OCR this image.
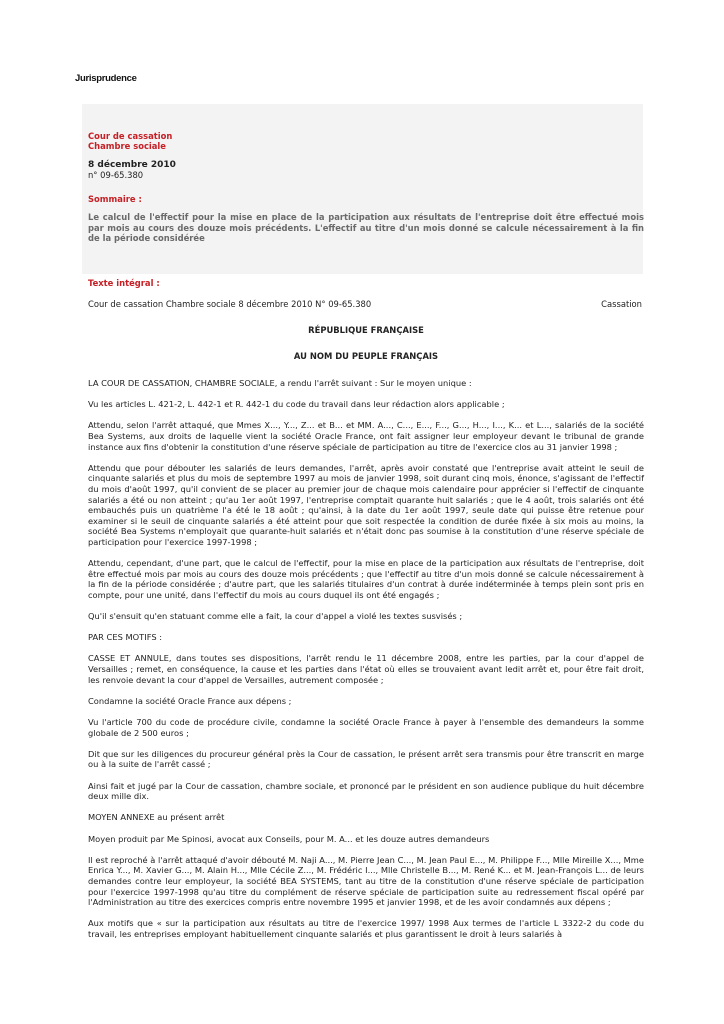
Jurisprudence
Cour de cassation
Chambre sociale
8 décembre 2010
n° 09-65.380
Sommaire :
Le calcul de l'effectif pour la mise en place de la participation aux résultats de l'entreprise doit être effectué mois par mois au cours des douze mois précédents. L'effectif au titre d'un mois donné se calcule nécessairement à la fin de la période considérée
Texte intégral :
Cour de cassation Chambre sociale 8 décembre 2010 N° 09-65.380	Cassation
RÉPUBLIQUE FRANÇAISE
AU NOM DU PEUPLE FRANÇAIS

LA COUR DE CASSATION, CHAMBRE SOCIALE, a rendu l'arrêt suivant : Sur le moyen unique :

Vu les articles L. 421-2, L. 442-1 et R. 442-1 du code du travail dans leur rédaction alors applicable ;

Attendu, selon l'arrêt attaqué, que Mmes X..., Y..., Z... et B... et MM. A..., C..., E..., F..., G..., H..., I..., K... et L..., salariés de la société Bea Systems, aux droits de laquelle vient la société Oracle France, ont fait assigner leur employeur devant le tribunal de grande instance aux fins d'obtenir la constitution d'une réserve spéciale de participation au titre de l'exercice clos au 31 janvier 1998 ;

Attendu que pour débouter les salariés de leurs demandes, l'arrêt, après avoir constaté que l'entreprise avait atteint le seuil de cinquante salariés et plus du mois de septembre 1997 au mois de janvier 1998, soit durant cinq mois, énonce, s'agissant de l'effectif du mois d'août 1997, qu'il convient de se placer au premier jour de chaque mois calendaire pour apprécier si l'effectif de cinquante salariés a été ou non atteint ; qu'au 1er août 1997, l'entreprise comptait quarante huit salariés ; que le 4 août, trois salariés ont été embauchés puis un quatrième l'a été le 18 août ; qu'ainsi, à la date du 1er août 1997, seule date qui puisse être retenue pour examiner si le seuil de cinquante salariés a été atteint pour que soit respectée la condition de durée fixée à six mois au moins, la société Bea Systems n'employait que quarante-huit salariés et n'était donc pas soumise à la constitution d'une réserve spéciale de participation pour l'exercice 1997-1998 ;

Attendu, cependant, d'une part, que le calcul de l'effectif, pour la mise en place de la participation aux résultats de l'entreprise, doit être effectué mois par mois au cours des douze mois précédents ; que l'effectif au titre d'un mois donné se calcule nécessairement à la fin de la période considérée ; d'autre part, que les salariés titulaires d'un contrat à durée indéterminée à temps plein sont pris en compte, pour une unité, dans l'effectif du mois au cours duquel ils ont été engagés ;

Qu'il s'ensuit qu'en statuant comme elle a fait, la cour d'appel a violé les textes susvisés ;

PAR CES MOTIFS :

CASSE ET ANNULE, dans toutes ses dispositions, l'arrêt rendu le 11 décembre 2008, entre les parties, par la cour d'appel de Versailles ; remet, en conséquence, la cause et les parties dans l'état où elles se trouvaient avant ledit arrêt et, pour être fait droit, les renvoie devant la cour d'appel de Versailles, autrement composée ;

Condamne la société Oracle France aux dépens ;

Vu l'article 700 du code de procédure civile, condamne la société Oracle France à payer à l'ensemble des demandeurs la somme globale de 2 500 euros ;

Dit que sur les diligences du procureur général près la Cour de cassation, le présent arrêt sera transmis pour être transcrit en marge ou à la suite de l'arrêt cassé ;

Ainsi fait et jugé par la Cour de cassation, chambre sociale, et prononcé par le président en son audience publique du huit décembre deux mille dix.

MOYEN ANNEXE au présent arrêt

Moyen produit par Me Spinosi, avocat aux Conseils, pour M. A... et les douze autres demandeurs

Il est reproché à l'arrêt attaqué d'avoir débouté M. Naji A..., M. Pierre Jean C..., M. Jean Paul E..., M. Philippe F..., Mlle Mireille X..., Mme Enrica Y..., M. Xavier G..., M. Alain H..., Mlle Cécile Z..., M. Frédéric I..., Mlle Christelle B..., M. René K... et M. Jean-François L... de leurs demandes contre leur employeur, la société BEA SYSTEMS, tant au titre de la constitution d'une réserve spéciale de participation pour l'exercice 1997-1998 qu'au titre du complément de réserve spéciale de participation suite au redressement fiscal opéré par l'Administration au titre des exercices compris entre novembre 1995 et janvier 1998, et de les avoir condamnés aux dépens ;

Aux motifs que « sur la participation aux résultats au titre de l'exercice 1997/ 1998 Aux termes de l'article L 3322-2 du code du travail, les entreprises employant habituellement cinquante salariés et plus garantissent le droit à leurs salariés à
